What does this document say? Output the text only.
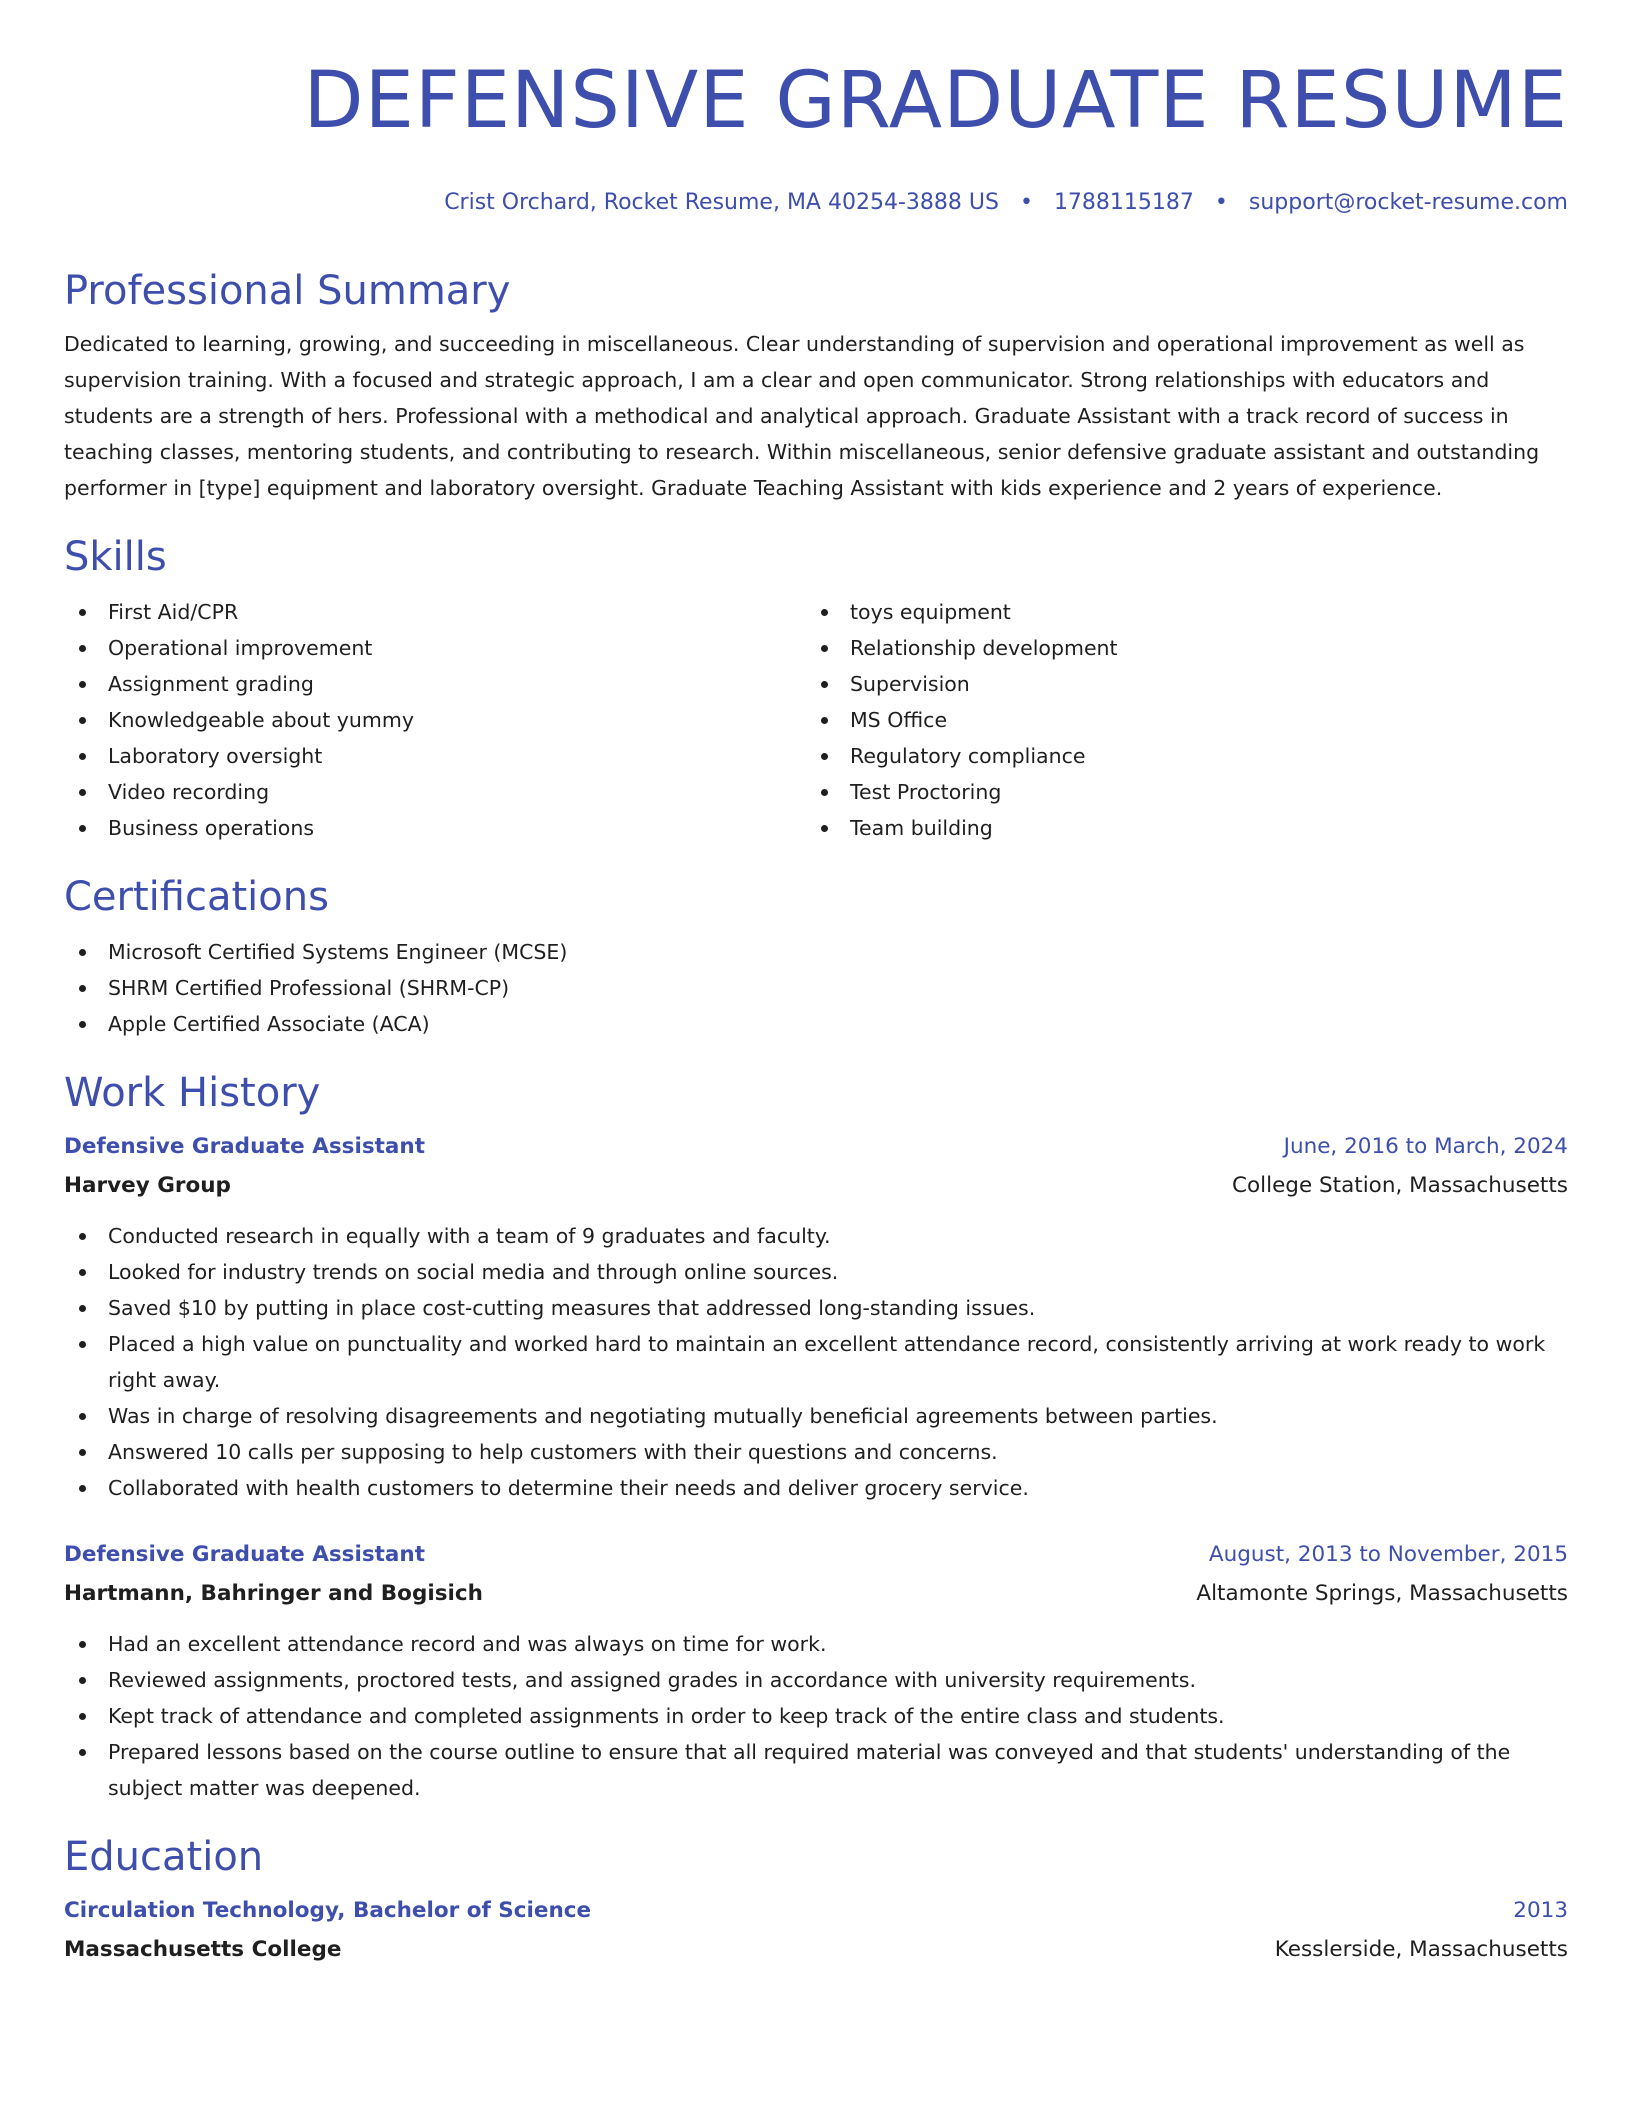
DEFENSIVE GRADUATE RESUME
Crist Orchard, Rocket Resume, MA 40254-3888 US • 1788115187 • support@rocket-resume.com
Professional Summary

Dedicated to learning, growing, and succeeding in miscellaneous. Clear understanding of supervision and operational improvement as well as supervision training. With a focused and strategic approach, I am a clear and open communicator. Strong relationships with educators and students are a strength of hers. Professional with a methodical and analytical approach. Graduate Assistant with a track record of success in teaching classes, mentoring students, and contributing to research. Within miscellaneous, senior defensive graduate assistant and outstanding performer in [type] equipment and laboratory oversight. Graduate Teaching Assistant with kids experience and 2 years of experience.

Skills
First Aid/CPR
Operational improvement
Assignment grading
Knowledgeable about yummy
Laboratory oversight
Video recording
Business operations
toys equipment
Relationship development
Supervision
MS Office
Regulatory compliance
Test Proctoring
Team building
Certifications
Microsoft Certified Systems Engineer (MCSE)
SHRM Certified Professional (SHRM-CP)
Apple Certified Associate (ACA)
Work History
Defensive Graduate Assistant	June, 2016 to March, 2024
Harvey Group	College Station, Massachusetts
Conducted research in equally with a team of 9 graduates and faculty.
Looked for industry trends on social media and through online sources.
Saved $10 by putting in place cost-cutting measures that addressed long-standing issues.
Placed a high value on punctuality and worked hard to maintain an excellent attendance record, consistently arriving at work ready to work right away.
Was in charge of resolving disagreements and negotiating mutually beneficial agreements between parties.
Answered 10 calls per supposing to help customers with their questions and concerns.
Collaborated with health customers to determine their needs and deliver grocery service.
Defensive Graduate Assistant	August, 2013 to November, 2015
Hartmann, Bahringer and Bogisich	Altamonte Springs, Massachusetts
Had an excellent attendance record and was always on time for work.
Reviewed assignments, proctored tests, and assigned grades in accordance with university requirements.
Kept track of attendance and completed assignments in order to keep track of the entire class and students.
Prepared lessons based on the course outline to ensure that all required material was conveyed and that students' understanding of the subject matter was deepened.
Education
Circulation Technology, Bachelor of Science	2013
Massachusetts College	Kesslerside, Massachusetts
